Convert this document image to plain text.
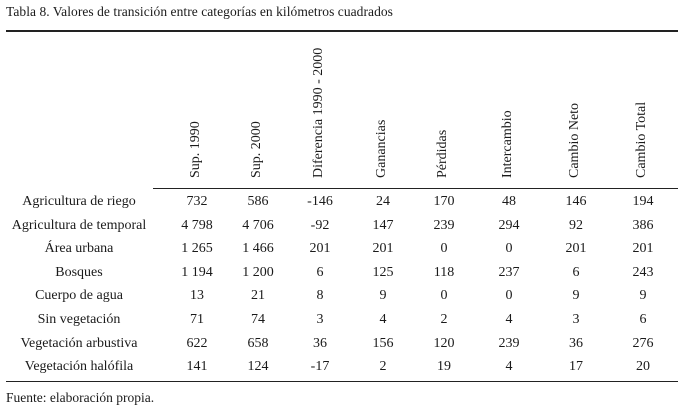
Tabla 8. Valores de transición entre categorías en kilómetros cuadrados
Sup. 1990	Sup. 2000	Diferencia 1990 - 2000	Ganancias	Pérdidas	Intercambio	Cambio Neto	Cambio Total
Agricultura de riego	732	586	-146	24	170	48	146	194
Agricultura de temporal	4 798	4 706	-92	147	239	294	92	386
Área urbana	1 265	1 466	201	201	0	0	201	201
Bosques	1 194	1 200	6	125	118	237	6	243
Cuerpo de agua	13	21	8	9	0	0	9	9
Sin vegetación	71	74	3	4	2	4	3	6
Vegetación arbustiva	622	658	36	156	120	239	36	276
Vegetación halófila	141	124	-17	2	19	4	17	20
Fuente: elaboración propia.
